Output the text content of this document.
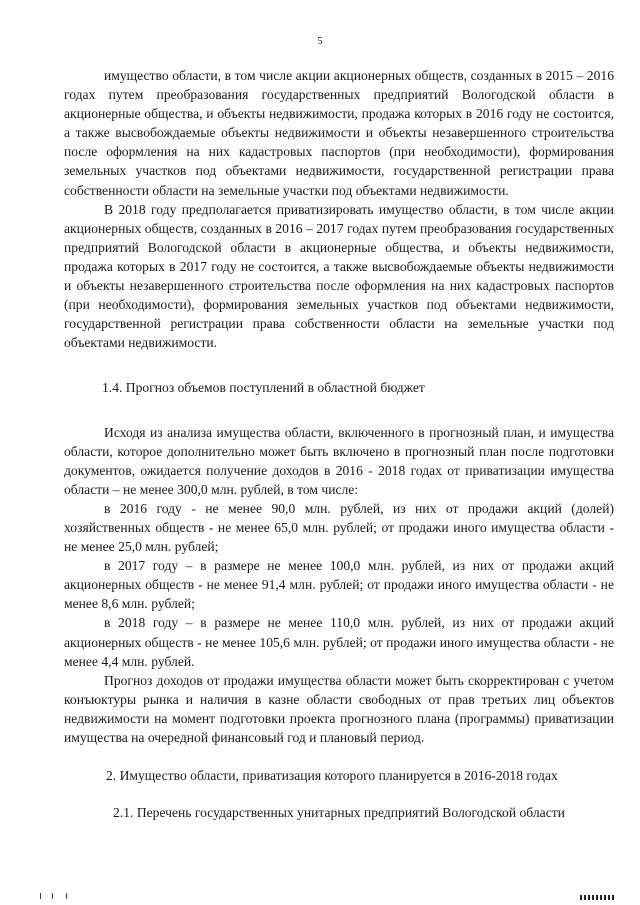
5

имущество области, в том числе акции акционерных обществ, созданных в 2015 – 2016 годах путем преобразования государственных предприятий Вологодской области в акционерные общества, и объекты недвижимости, продажа которых в 2016 году не состоится, а также высвобождаемые объекты недвижимости и объекты незавершенного строительства после оформления на них кадастровых паспортов (при необходимости), формирования земельных участков под объектами недвижимости, государственной регистрации права собственности области на земельные участки под объектами недвижимости.

В 2018 году предполагается приватизировать имущество области, в том числе акции акционерных обществ, созданных в 2016 – 2017 годах путем преобразования государственных предприятий Вологодской области в акционерные общества, и объекты недвижимости, продажа которых в 2017 году не состоится, а также высвобождаемые объекты недвижимости и объекты незавершенного строительства после оформления на них кадастровых паспортов (при необходимости), формирования земельных участков под объектами недвижимости, государственной регистрации права собственности области на земельные участки под объектами недвижимости.

1.4. Прогноз объемов поступлений в областной бюджет

Исходя из анализа имущества области, включенного в прогнозный план, и имущества области, которое дополнительно может быть включено в прогнозный план после подготовки документов, ожидается получение доходов в 2016 - 2018 годах от приватизации имущества области – не менее 300,0 млн. рублей, в том числе:

в 2016 году - не менее 90,0 млн. рублей, из них от продажи акций (долей) хозяйственных обществ - не менее 65,0 млн. рублей; от продажи иного имущества области - не менее 25,0 млн. рублей;

в 2017 году – в размере не менее 100,0 млн. рублей, из них от продажи акций акционерных обществ - не менее 91,4 млн. рублей; от продажи иного имущества области - не менее 8,6 млн. рублей;

в 2018 году – в размере не менее 110,0 млн. рублей, из них от продажи акций акционерных обществ - не менее 105,6 млн. рублей; от продажи иного имущества области - не менее 4,4 млн. рублей.

Прогноз доходов от продажи имущества области может быть скорректирован с учетом конъюктуры рынка и наличия в казне области свободных от прав третьих лиц объектов недвижимости на момент подготовки проекта прогнозного плана (программы) приватизации имущества на очередной финансовый год и плановый период.

2. Имущество области, приватизация которого планируется в 2016-2018 годах

2.1. Перечень государственных унитарных предприятий Вологодской области
